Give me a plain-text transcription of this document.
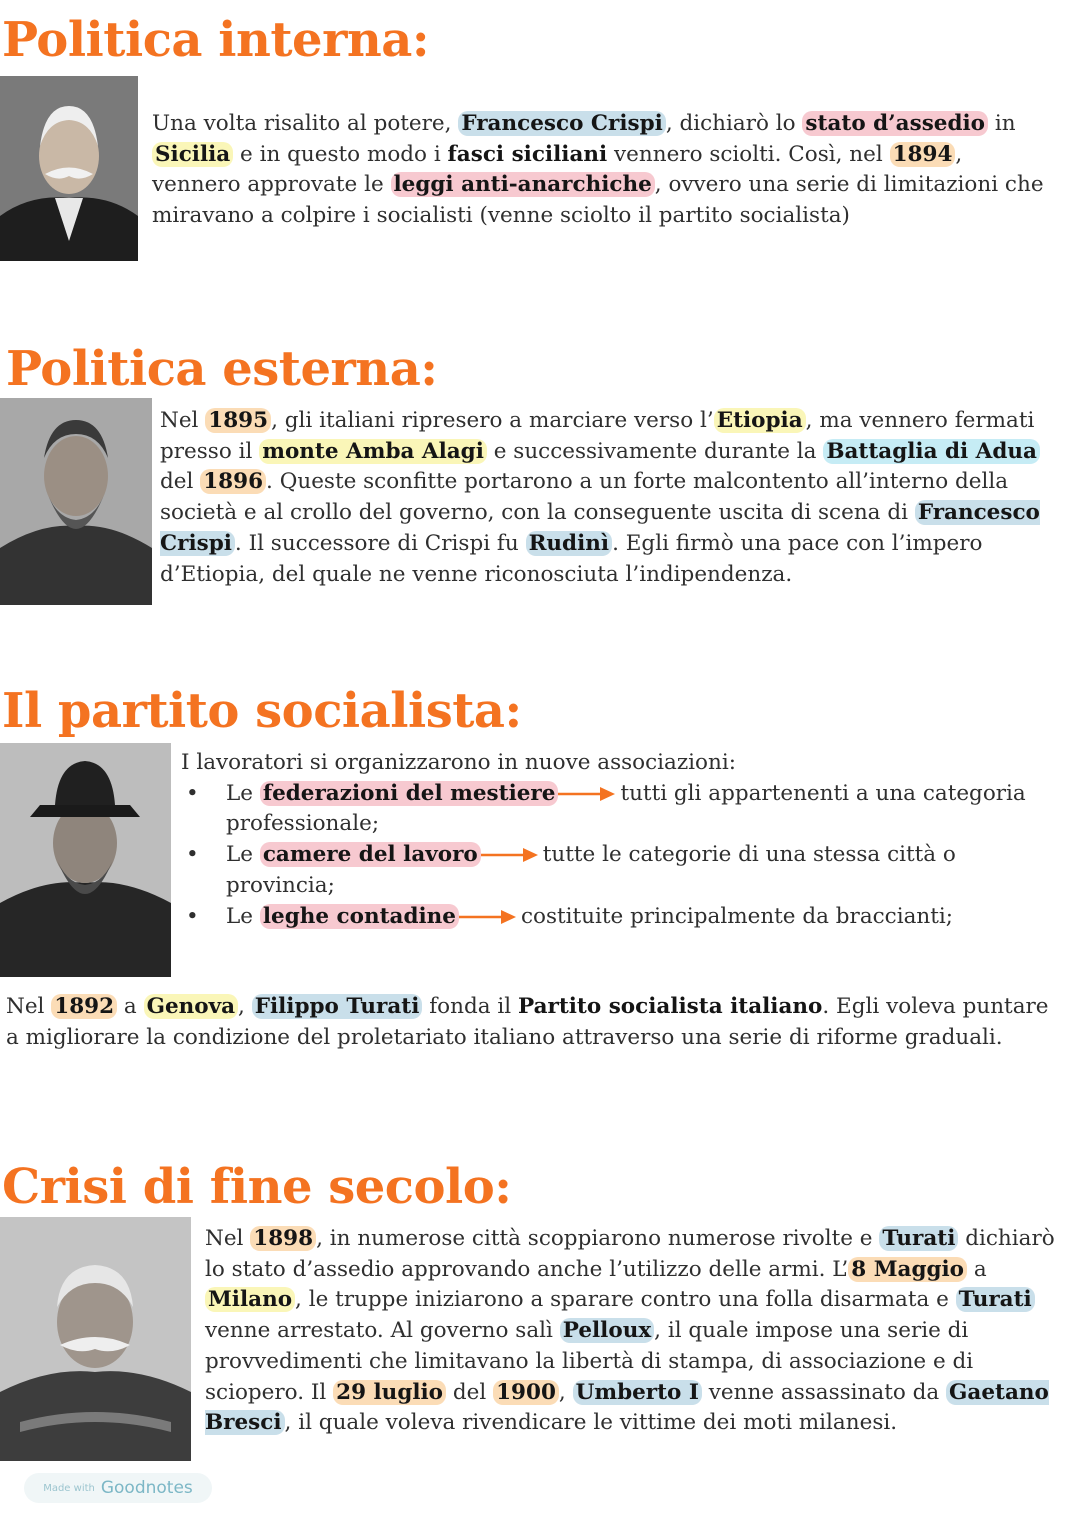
Politica interna:

Una volta risalito al potere, Francesco Crispi , dichiarò lo stato d’assedio in Sicilia e in questo modo i fasci siciliani vennero sciolti. Così, nel 1894 , vennero approvate le leggi anti-anarchiche , ovvero una serie di limitazioni che miravano a colpire i socialisti (venne sciolto il partito socialista)

Politica esterna:

Nel 1895 , gli italiani ripresero a marciare verso l’ Etiopia , ma vennero fermati presso il monte Amba Alagi e successivamente durante la Battaglia di Adua del 1896 . Queste sconfitte portarono a un forte malcontento all’interno della società e al crollo del governo, con la conseguente uscita di scena di Francesco Crispi . Il successore di Crispi fu Rudinì . Egli firmò una pace con l’impero d’Etiopia, del quale ne venne riconosciuta l’indipendenza.

Il partito socialista:
I lavoratori si organizzarono in nuove associazioni:
• Le federazioni del mestiere	tutti gli appartenenti a una categoria professionale;
• Le camere del lavoro	tutte le categorie di una stessa città o provincia;
• Le leghe contadine	costituite principalmente da braccianti;

Nel 1892 a Genova , Filippo Turati fonda il Partito socialista italiano. Egli voleva puntare a migliorare la condizione del proletariato italiano attraverso una serie di riforme graduali.

Crisi di fine secolo:

Nel 1898 , in numerose città scoppiarono numerose rivolte e Turati dichiarò lo stato d’assedio approvando anche l’utilizzo delle armi. L’ 8 Maggio a Milano , le truppe iniziarono a sparare contro una folla disarmata e Turati venne arrestato. Al governo salì Pelloux , il quale impose una serie di provvedimenti che limitavano la libertà di stampa, di associazione e di sciopero. Il 29 luglio del 1900 , Umberto I venne assassinato da Gaetano Bresci , il quale voleva rivendicare le vittime dei moti milanesi.

Made with Goodnotes
